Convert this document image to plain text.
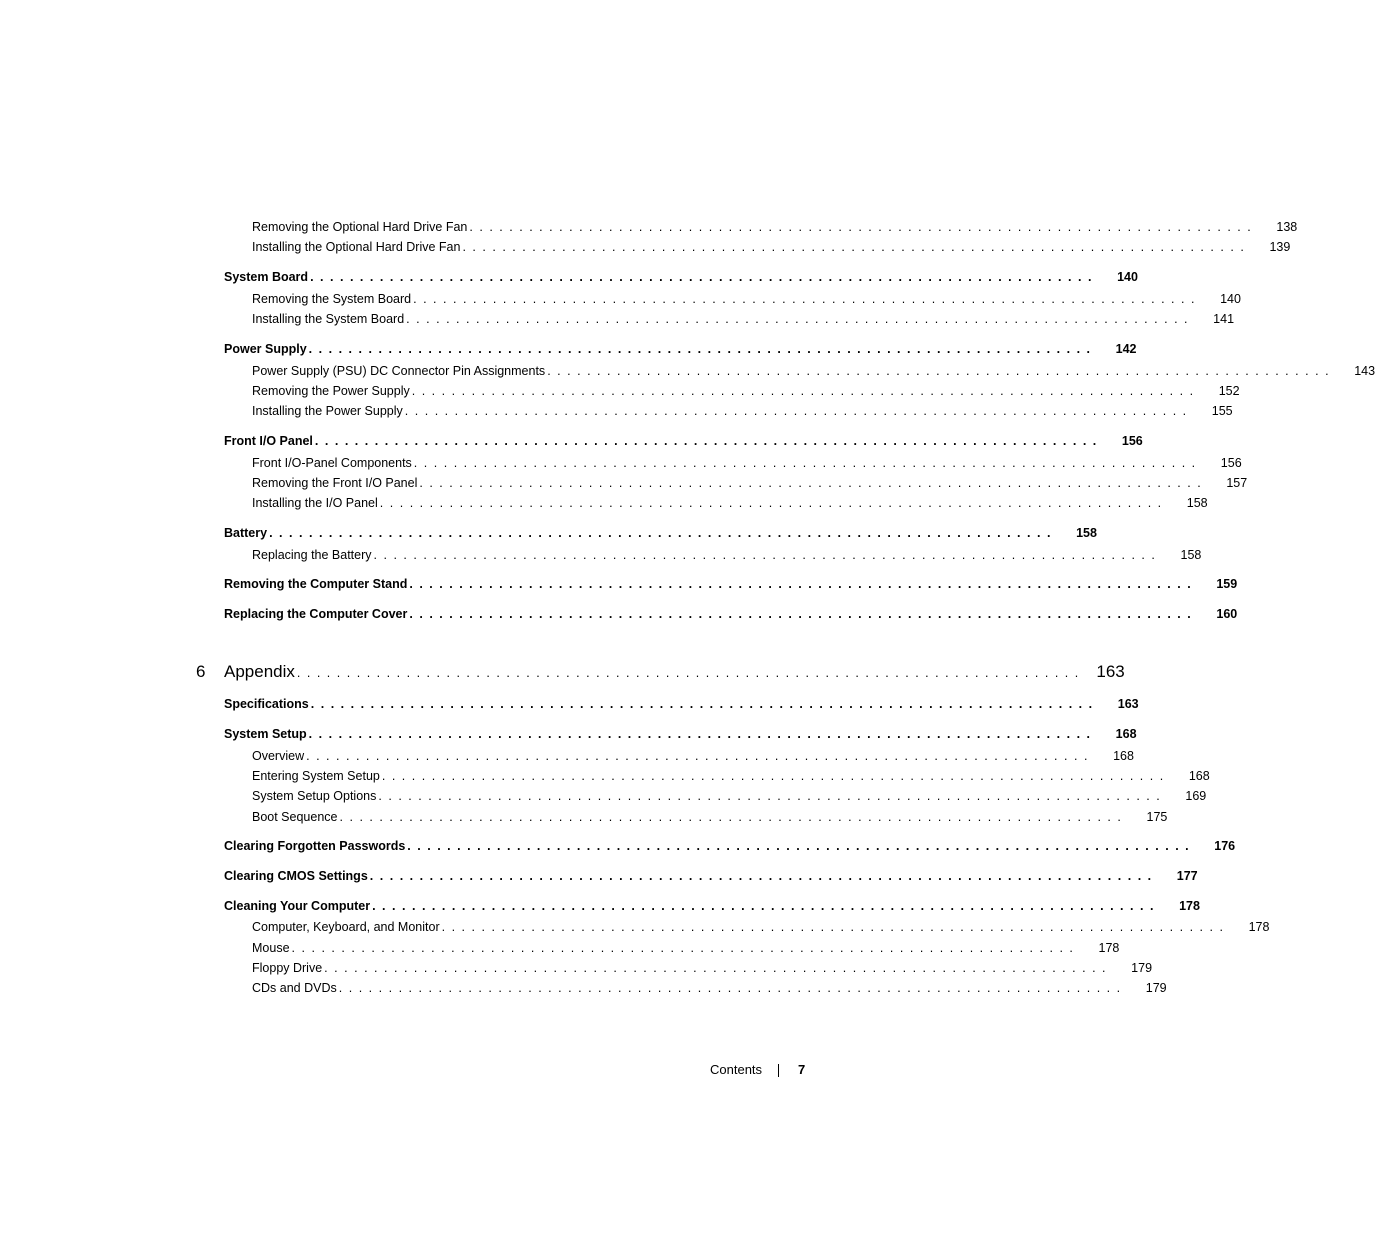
Removing the Optional Hard Drive Fan ...............................................................................	138
Installing the Optional Hard Drive Fan ...............................................................................	139
System Board ...............................................................................	140
Removing the System Board ...............................................................................	140
Installing the System Board ...............................................................................	141
Power Supply ...............................................................................	142
Power Supply (PSU) DC Connector Pin Assignments ...............................................................................	143
Removing the Power Supply ...............................................................................	152
Installing the Power Supply ...............................................................................	155
Front I/O Panel ...............................................................................	156
Front I/O-Panel Components ...............................................................................	156
Removing the Front I/O Panel ...............................................................................	157
Installing the I/O Panel ...............................................................................	158
Battery ...............................................................................	158
Replacing the Battery ...............................................................................	158
Removing the Computer Stand ...............................................................................	159
Replacing the Computer Cover ...............................................................................	160
6	Appendix ............................................................................... 163
Specifications ...............................................................................	163
System Setup ...............................................................................	168
Overview ...............................................................................	168
Entering System Setup ...............................................................................	168
System Setup Options ...............................................................................	169
Boot Sequence ...............................................................................	175
Clearing Forgotten Passwords ...............................................................................	176
Clearing CMOS Settings ...............................................................................	177
Cleaning Your Computer ...............................................................................	178
Computer, Keyboard, and Monitor ...............................................................................	178
Mouse ...............................................................................	178
Floppy Drive ...............................................................................	179
CDs and DVDs ...............................................................................	179
Contents	7
